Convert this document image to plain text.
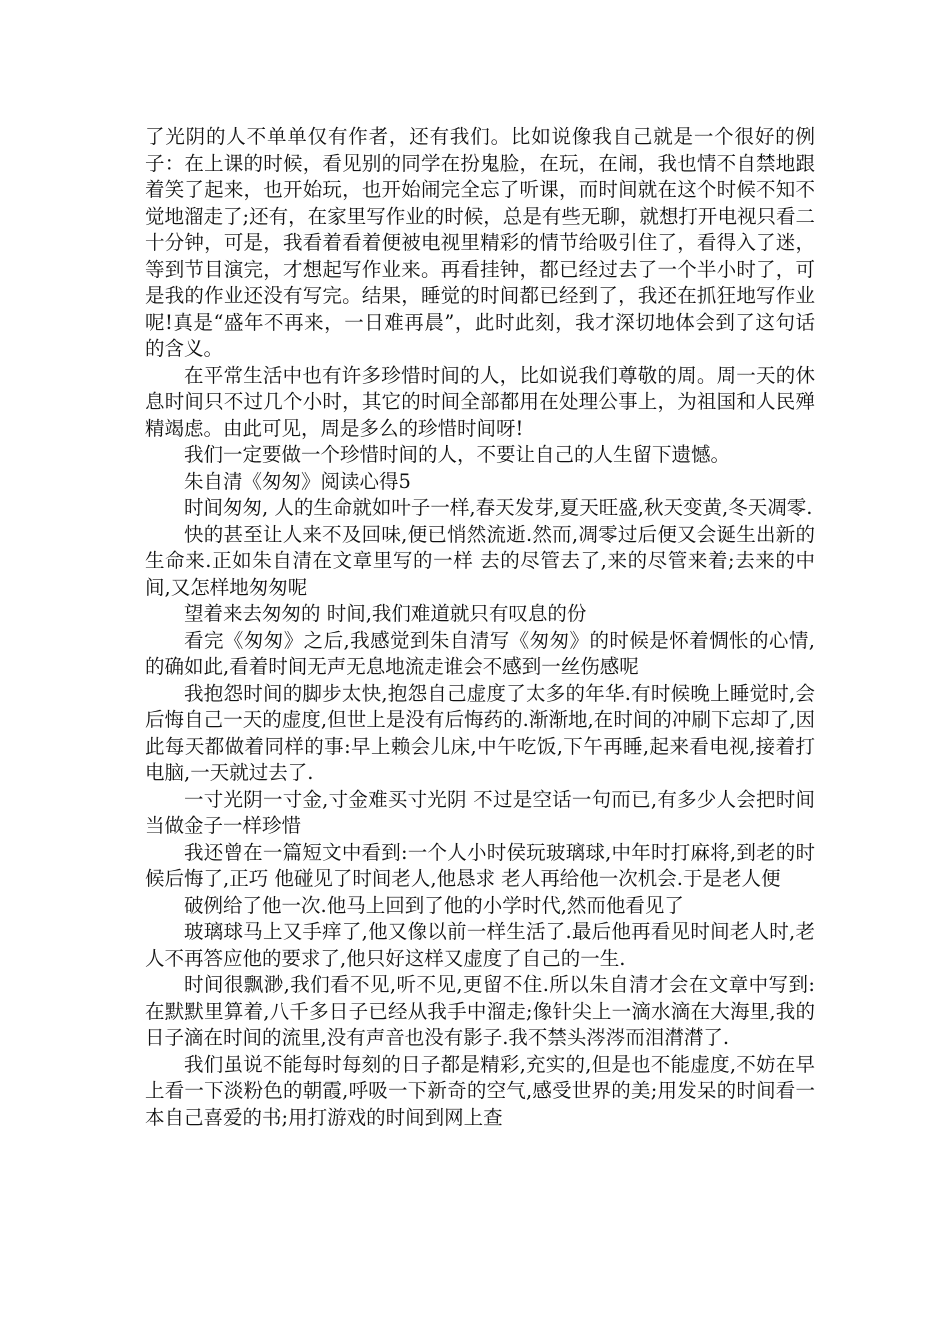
了光阴的人不单单仅有作者，还有我们。比如说像我自己就是一个很好的例子：在上课的时候，看见别的同学在扮鬼脸，在玩，在闹，我也情不自禁地跟着笑了起来，也开始玩，也开始闹完全忘了听课，而时间就在这个时候不知不觉地溜走了;还有，在家里写作业的时候，总是有些无聊，就想打开电视只看二十分钟，可是，我看着看着便被电视里精彩的情节给吸引住了，看得入了迷，等到节目演完，才想起写作业来。再看挂钟，都已经过去了一个半小时了，可是我的作业还没有写完。结果，睡觉的时间都已经到了，我还在抓狂地写作业呢!真是“盛年不再来，一日难再晨”，此时此刻，我才深切地体会到了这句话的含义。

在平常生活中也有许多珍惜时间的人，比如说我们尊敬的周。周一天的休息时间只不过几个小时，其它的时间全部都用在处理公事上，为祖国和人民殚精竭虑。由此可见，周是多么的珍惜时间呀!

我们一定要做一个珍惜时间的人，不要让自己的人生留下遗憾。

朱自清《匆匆》阅读心得5

时间匆匆, 人的生命就如叶子一样,春天发芽,夏天旺盛,秋天变黄,冬天凋零.

快的甚至让人来不及回味,便已悄然流逝.然而,凋零过后便又会诞生出新的生命来.正如朱自清在文章里写的一样 去的尽管去了,来的尽管来着;去来的中间,又怎样地匆匆呢

望着来去匆匆的 时间,我们难道就只有叹息的份

看完《匆匆》之后,我感觉到朱自清写《匆匆》的时候是怀着惆怅的心情,的确如此,看着时间无声无息地流走谁会不感到一丝伤感呢

我抱怨时间的脚步太快,抱怨自己虚度了太多的年华.有时候晚上睡觉时,会后悔自己一天的虚度,但世上是没有后悔药的.渐渐地,在时间的冲刷下忘却了,因此每天都做着同样的事:早上赖会儿床,中午吃饭,下午再睡,起来看电视,接着打电脑,一天就过去了.

一寸光阴一寸金,寸金难买寸光阴 不过是空话一句而已,有多少人会把时间当做金子一样珍惜

我还曾在一篇短文中看到:一个人小时侯玩玻璃球,中年时打麻将,到老的时候后悔了,正巧 他碰见了时间老人,他恳求 老人再给他一次机会.于是老人便

破例给了他一次.他马上回到了他的小学时代,然而他看见了

玻璃球马上又手痒了,他又像以前一样生活了.最后他再看见时间老人时,老人不再答应他的要求了,他只好这样又虚度了自己的一生.

时间很飘渺,我们看不见,听不见,更留不住.所以朱自清才会在文章中写到:在默默里算着,八千多日子已经从我手中溜走;像针尖上一滴水滴在大海里,我的日子滴在时间的流里,没有声音也没有影子.我不禁头涔涔而泪潸潸了.

我们虽说不能每时每刻的日子都是精彩,充实的,但是也不能虚度,不妨在早上看一下淡粉色的朝霞,呼吸一下新奇的空气,感受世界的美;用发呆的时间看一本自己喜爱的书;用打游戏的时间到网上查
